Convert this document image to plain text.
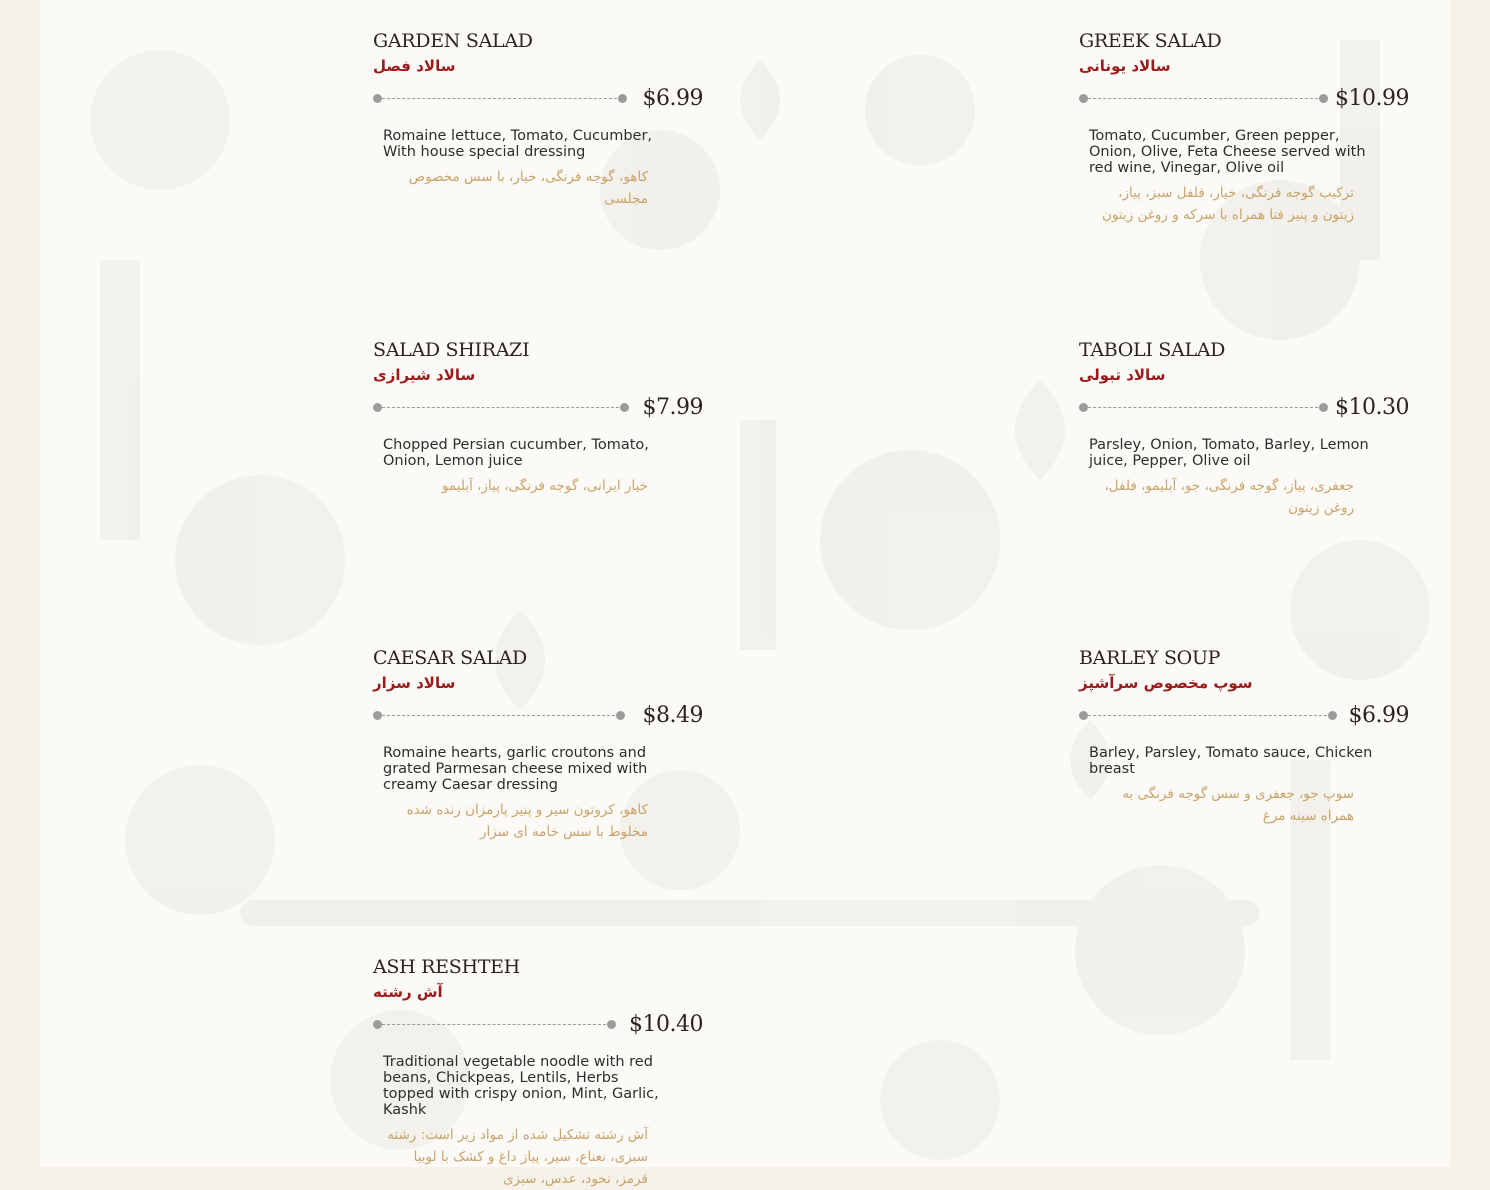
GARDEN SALAD
سالاد فصل
$6.99
Romaine lettuce, Tomato, Cucumber, With house special dressing
کاهو، گوجه فرنگی، خیار، با سس مخصوص مجلسی
GREEK SALAD
سالاد یونانی
$10.99
Tomato, Cucumber, Green pepper, Onion, Olive, Feta Cheese served with red wine, Vinegar, Olive oil
ترکیب گوجه فرنگی، خیار، فلفل سبز، پیاز، زیتون و پنیر فتا همراه با سرکه و روغن زیتون
SALAD SHIRAZI
سالاد شیرازی
$7.99
Chopped Persian cucumber, Tomato, Onion, Lemon juice
خیار ایرانی، گوجه فرنگی، پیاز، آبلیمو
TABOLI SALAD
سالاد تبولی
$10.30
Parsley, Onion, Tomato, Barley, Lemon juice, Pepper, Olive oil
جعفری، پیاز، گوجه فرنگی، جو، آبلیمو، فلفل، روغن زیتون
CAESAR SALAD
سالاد سزار
$8.49
Romaine hearts, garlic croutons and grated Parmesan cheese mixed with creamy Caesar dressing
کاهو، کروتون سیر و پنیر پارمزان رنده شده مخلوط با سس خامه ای سزار
BARLEY SOUP
سوپ مخصوص سرآشپز
$6.99
Barley, Parsley, Tomato sauce, Chicken breast
سوپ جو، جعفری و سس گوجه فرنگی به همراه سینه مرغ
ASH RESHTEH
آش رشته
$10.40
Traditional vegetable noodle with red beans, Chickpeas, Lentils, Herbs topped with crispy onion, Mint, Garlic, Kashk
آش رشته تشکیل شده از مواد زیر است: رشته سبزی، نعناع، سیر، پیاز داغ و کشک با لوبیا قرمز، نخود، عدس، سبزی
